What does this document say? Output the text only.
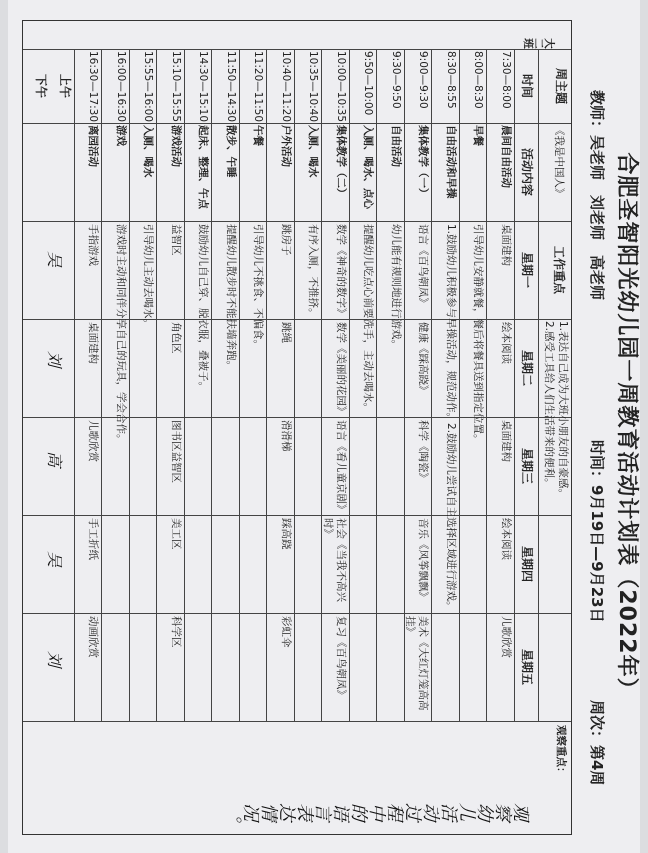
合肥圣智阳光幼儿园一周教育活动计划表（2022年）
教师：吴老师　刘老师　高老师
时间：9月19日—9月23日
周次：第4周
大二班
周主题
《我是中国人》
工作重点
1.表达自己成为大班小朋友的自豪感。
2.感受工具给人们生活带来的便利。
观察重点：
观察幼儿活动过程中的语言表达情况。
时间
活动内容
星期一
星期二
星期三
星期四
星期五
7:30—8:00
晨间自由活动
桌面建构
绘本阅读
桌面建构
绘本阅读
儿歌欣赏
8:00—8:30
早餐
引导幼儿安静就餐，餐后将餐具送到指定位置。
8:30—8:55
自由活动和早操
1.鼓励幼儿积极参与早操活动，规范动作。2.鼓励幼儿尝试自主选择区域进行游戏。
9:00—9:30
集体教学（一）
语言《百鸟朝凤》
健康《踩高跷》
科学《陶瓷》
音乐《风筝飘飘》
美术《大红灯笼高高挂》
9:30—9:50
自由活动
幼儿能有规则地进行游戏。
9:50—10:00
入厕、喝水、点心
提醒幼儿吃点心前要洗手，主动去喝水。
10:00—10:35
集体教学（二）
数学《神奇的数字》
数学《美丽的花园》
语言《看儿童京剧》
社会《当我不高兴时》
复习《百鸟朝凤》
10:35—10:40
入厕、喝水
有序入厕，不推挤。
10:40—11:20
户外活动
跳房子
跳绳
滑滑梯
踩高跷
彩虹伞
11:20—11:50
午餐
引导幼儿不挑食、不偏食。
11:50—14:30
散步、午睡
提醒幼儿散步时不能扶墙奔跑。
14:30—15:10
起床、整理、午点
鼓励幼儿自己穿、脱衣服，叠被子。
15:10—15:55
游戏活动
益智区
角色区
图书区益智区
美工区
科学区
15:55—16:00
入厕、喝水
引导幼儿主动去喝水。
16:00—16:30
游戏
游戏时主动和同伴分享自己的玩具，学会合作。
16:30—17:30
离园活动
手指游戏
桌面建构
儿歌欣赏
手工折纸
动画欣赏
上午
下午
吴
刘
高
吴
刘
